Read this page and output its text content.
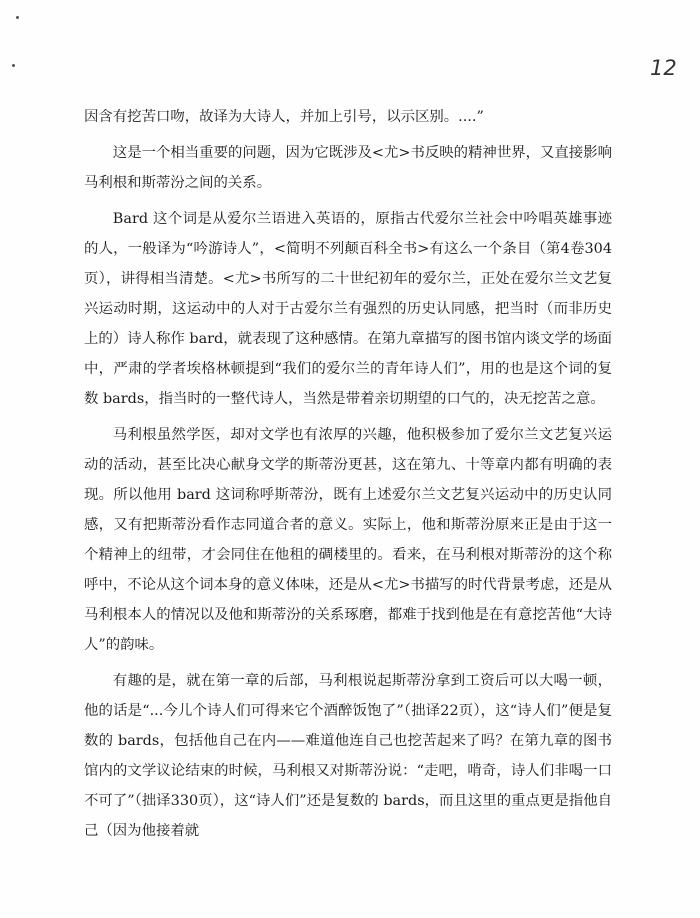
12

因含有挖苦口吻，故译为大诗人，并加上引号，以示区别。....”

这是一个相当重要的问题，因为它既涉及<尤>书反映的精神世界，又直接影响马利根和斯蒂汾之间的关系。

Bard 这个词是从爱尔兰语进入英语的，原指古代爱尔兰社会中吟唱英雄事迹的人，一般译为“吟游诗人”，<简明不列颠百科全书>有这么一个条目（第4卷304页），讲得相当清楚。<尤>书所写的二十世纪初年的爱尔兰，正处在爱尔兰文艺复兴运动时期，这运动中的人对于古爱尔兰有强烈的历史认同感，把当时（而非历史上的）诗人称作 bard，就表现了这种感情。在第九章描写的图书馆内谈文学的场面中，严肃的学者埃格林顿提到“我们的爱尔兰的青年诗人们”，用的也是这个词的复数 bards，指当时的一整代诗人，当然是带着亲切期望的口气的，决无挖苦之意。

马利根虽然学医，却对文学也有浓厚的兴趣，他积极参加了爱尔兰文艺复兴运动的活动，甚至比决心献身文学的斯蒂汾更甚，这在第九、十等章内都有明确的表现。所以他用 bard 这词称呼斯蒂汾，既有上述爱尔兰文艺复兴运动中的历史认同感，又有把斯蒂汾看作志同道合者的意义。实际上，他和斯蒂汾原来正是由于这一个精神上的纽带，才会同住在他租的碉楼里的。看来，在马利根对斯蒂汾的这个称呼中，不论从这个词本身的意义体味，还是从<尤>书描写的时代背景考虑，还是从马利根本人的情况以及他和斯蒂汾的关系琢磨，都难于找到他是在有意挖苦他“大诗人”的韵味。

有趣的是，就在第一章的后部，马利根说起斯蒂汾拿到工资后可以大喝一顿，他的话是“...今儿个诗人们可得来它个酒醉饭饱了”（拙译22页），这“诗人们”便是复数的 bards，包括他自己在内——难道他连自己也挖苦起来了吗？在第九章的图书馆内的文学议论结束的时候，马利根又对斯蒂汾说：“走吧，啃奇，诗人们非喝一口不可了”（拙译330页），这“诗人们”还是复数的 bards，而且这里的重点更是指他自己（因为他接着就
